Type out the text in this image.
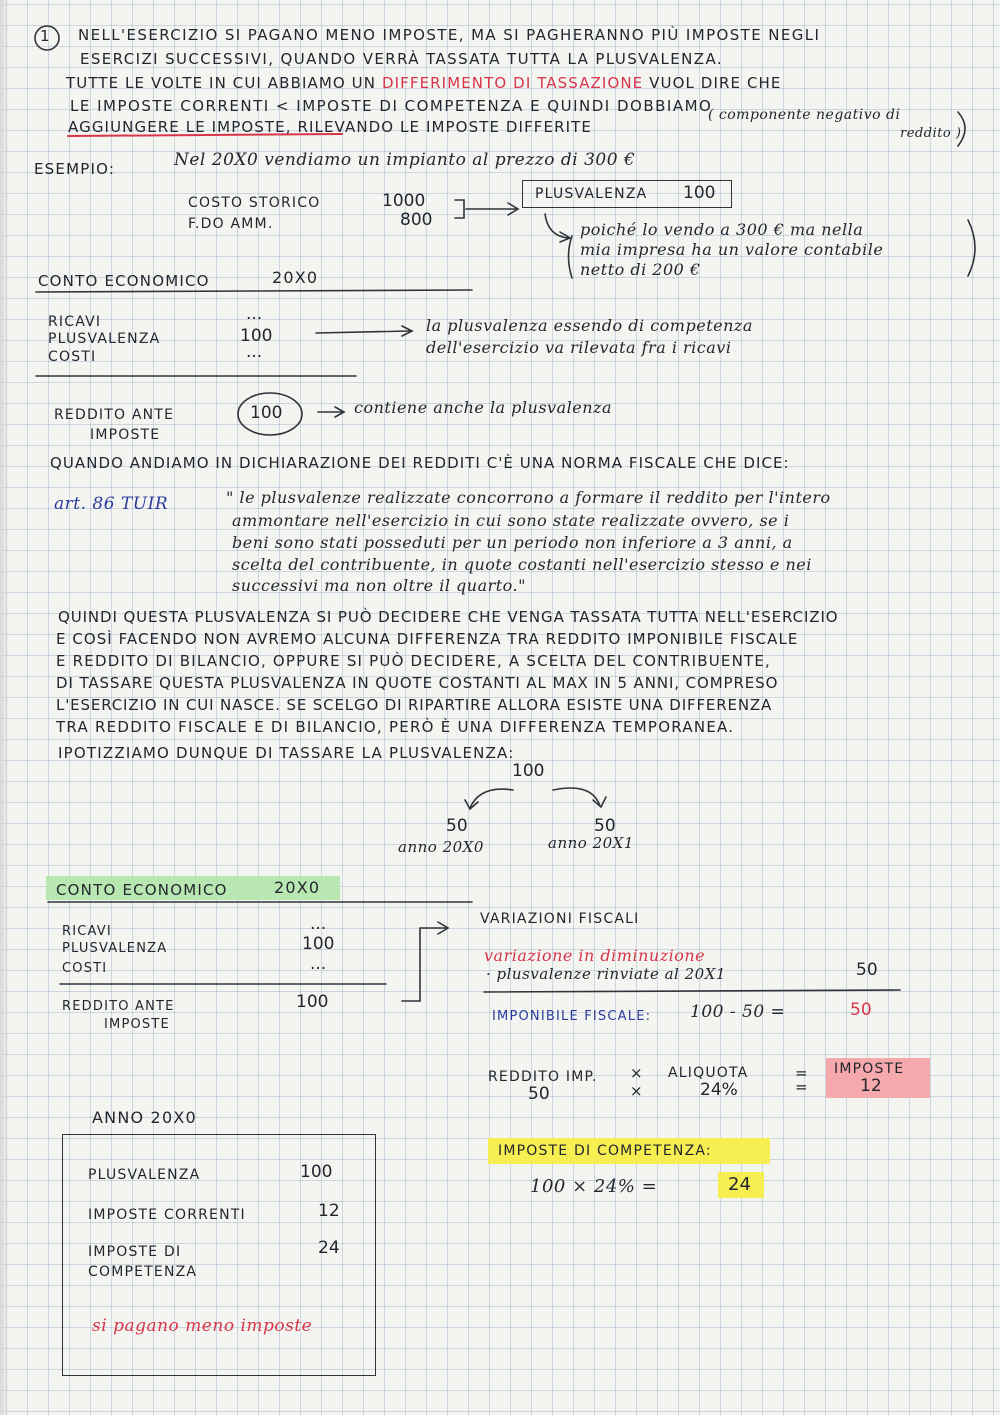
1 NELL'ESERCIZIO SI PAGANO MENO IMPOSTE, MA SI PAGHERANNO PIÙ IMPOSTE NEGLI
ESERCIZI SUCCESSIVI, QUANDO VERRÀ TASSATA TUTTA LA PLUSVALENZA.
TUTTE LE VOLTE IN CUI ABBIAMO UN DIFFERIMENTO DI TASSAZIONE VUOL DIRE CHE
LE IMPOSTE CORRENTI < IMPOSTE DI COMPETENZA E QUINDI DOBBIAMO
AGGIUNGERE LE IMPOSTE, RILEVANDO LE IMPOSTE DIFFERITE
( componente negativo di
reddito )
ESEMPIO:	Nel 20X0 vendiamo un impianto al prezzo di 300 €
COSTO STORICO	1000
F.DO AMM.	800
PLUSVALENZA 100
poiché lo vendo a 300 € ma nella
mia impresa ha un valore contabile
netto di 200 €
CONTO ECONOMICO	20X0
RICAVI	...
PLUSVALENZA	100
COSTI	...
la plusvalenza essendo di competenza
dell'esercizio va rilevata fra i ricavi
REDDITO ANTE
IMPOSTE
100	contiene anche la plusvalenza
QUANDO ANDIAMO IN DICHIARAZIONE DEI REDDITI C'È UNA NORMA FISCALE CHE DICE:
art. 86 TUIR	" le plusvalenze realizzate concorrono a formare il reddito per l'intero
ammontare nell'esercizio in cui sono state realizzate ovvero, se i
beni sono stati posseduti per un periodo non inferiore a 3 anni, a
scelta del contribuente, in quote costanti nell'esercizio stesso e nei
successivi ma non oltre il quarto."
QUINDI QUESTA PLUSVALENZA SI PUÒ DECIDERE CHE VENGA TASSATA TUTTA NELL'ESERCIZIO
E COSÌ FACENDO NON AVREMO ALCUNA DIFFERENZA TRA REDDITO IMPONIBILE FISCALE
E REDDITO DI BILANCIO, OPPURE SI PUÒ DECIDERE, A SCELTA DEL CONTRIBUENTE,
DI TASSARE QUESTA PLUSVALENZA IN QUOTE COSTANTI AL MAX IN 5 ANNI, COMPRESO
L'ESERCIZIO IN CUI NASCE. SE SCELGO DI RIPARTIRE ALLORA ESISTE UNA DIFFERENZA
TRA REDDITO FISCALE E DI BILANCIO, PERÒ È UNA DIFFERENZA TEMPORANEA.
IPOTIZZIAMO DUNQUE DI TASSARE LA PLUSVALENZA:
100
50	50
anno 20X0	anno 20X1
CONTO ECONOMICO	20X0
RICAVI	...
PLUSVALENZA	100
COSTI	...
REDDITO ANTE
IMPOSTE
100
VARIAZIONI FISCALI
variazione in diminuzione
· plusvalenze rinviate al 20X1	50
IMPONIBILE FISCALE: 100 - 50 =	50
REDDITO IMP. × ALIQUOTA	= IMPOSTE
50	×	24%	=	12
IMPOSTE DI COMPETENZA:
100 × 24% =	24
ANNO 20X0
PLUSVALENZA	100
IMPOSTE CORRENTI	12
IMPOSTE DI
COMPETENZA
24
si pagano meno imposte
